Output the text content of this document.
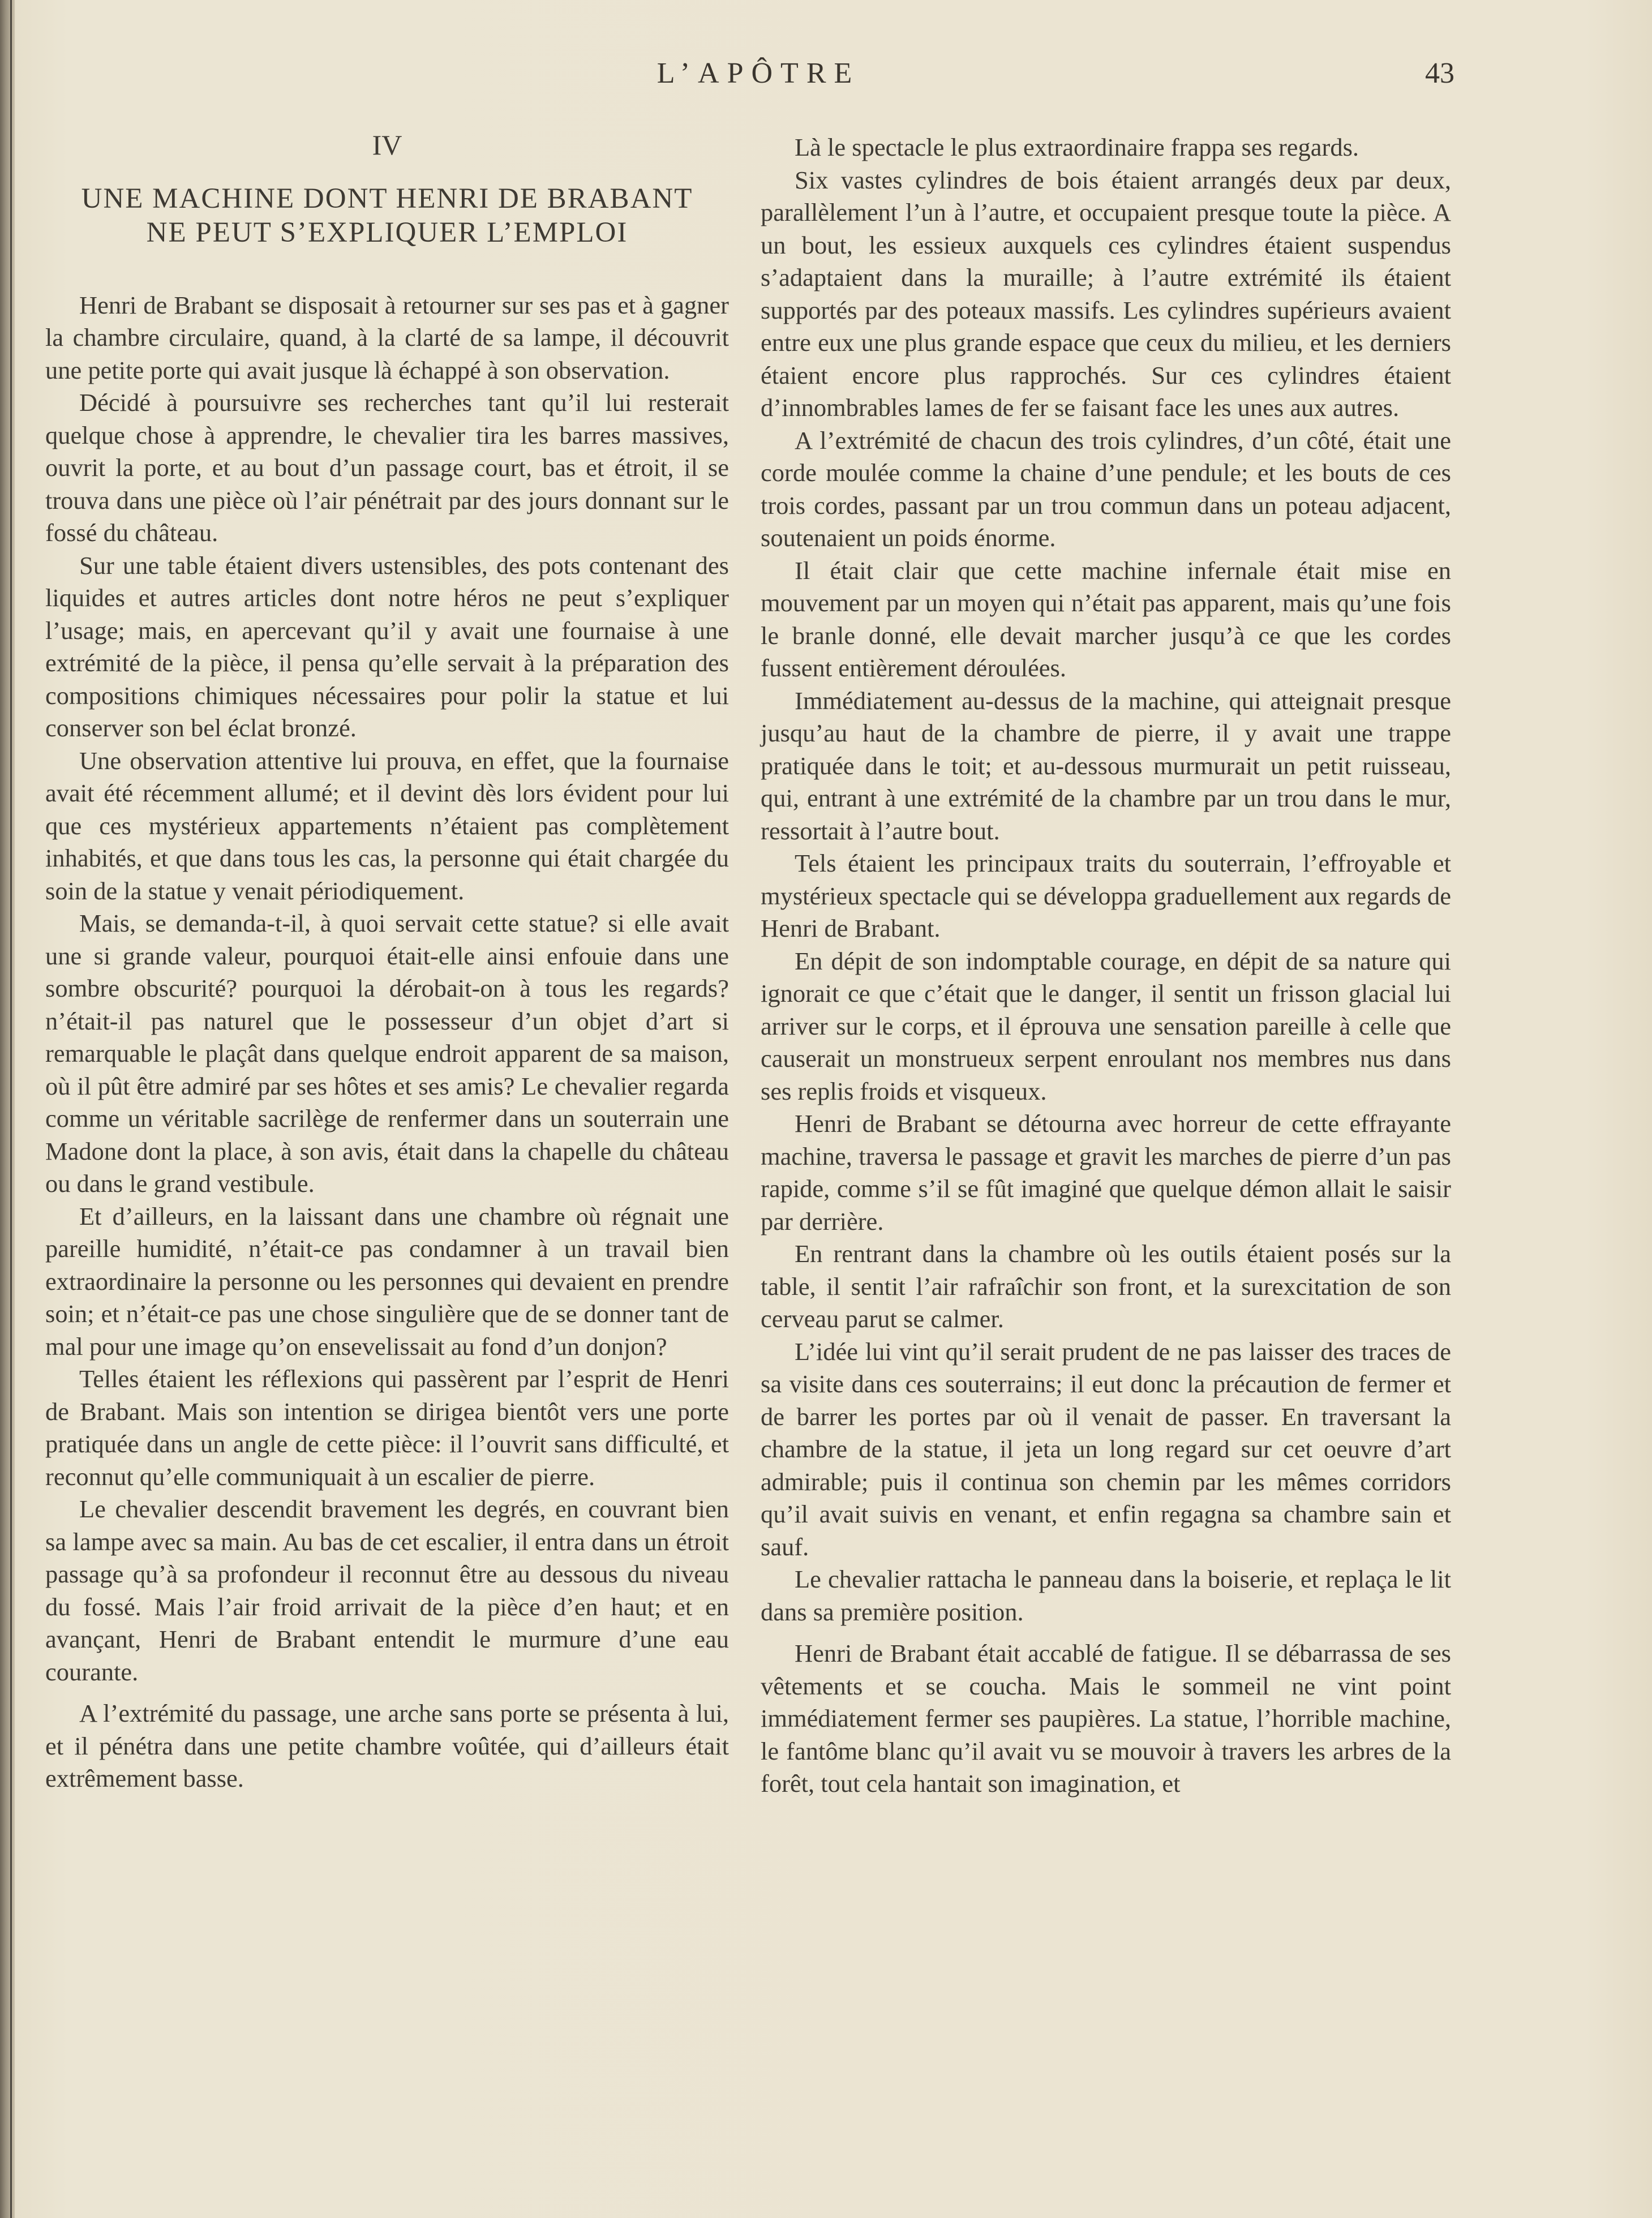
L’APÔTRE	43
IV
UNE MACHINE DONT HENRI DE BRABANT
NE PEUT S’EXPLIQUER L’EMPLOI

Henri de Brabant se disposait à retourner sur ses pas et à gagner la chambre circulaire, quand, à la clarté de sa lampe, il découvrit une petite porte qui avait jusque là échappé à son observation.

Décidé à poursuivre ses recherches tant qu’il lui resterait quelque chose à apprendre, le chevalier tira les barres massives, ouvrit la porte, et au bout d’un passage court, bas et étroit, il se trouva dans une pièce où l’air pénétrait par des jours donnant sur le fossé du château.

Sur une table étaient divers ustensibles, des pots contenant des liquides et autres articles dont notre héros ne peut s’expliquer l’usage; mais, en apercevant qu’il y avait une fournaise à une extrémité de la pièce, il pensa qu’elle servait à la préparation des compositions chimiques nécessaires pour polir la statue et lui conserver son bel éclat bronzé.

Une observation attentive lui prouva, en effet, que la fournaise avait été récemment allumé; et il devint dès lors évident pour lui que ces mystérieux appartements n’étaient pas complètement inhabités, et que dans tous les cas, la personne qui était chargée du soin de la statue y venait périodiquement.

Mais, se demanda-t-il, à quoi servait cette statue? si elle avait une si grande valeur, pourquoi était-elle ainsi enfouie dans une sombre obscurité? pourquoi la dérobait-on à tous les regards? n’était-il pas naturel que le possesseur d’un objet d’art si remarquable le plaçât dans quelque endroit apparent de sa maison, où il pût être admiré par ses hôtes et ses amis? Le chevalier regarda comme un véritable sacrilège de renfermer dans un souterrain une Madone dont la place, à son avis, était dans la chapelle du château ou dans le grand vestibule.

Et d’ailleurs, en la laissant dans une chambre où régnait une pareille humidité, n’était-ce pas condamner à un travail bien extraordinaire la personne ou les personnes qui devaient en prendre soin; et n’était-ce pas une chose singulière que de se donner tant de mal pour une image qu’on ensevelissait au fond d’un donjon?

Telles étaient les réflexions qui passèrent par l’esprit de Henri de Brabant. Mais son intention se dirigea bientôt vers une porte pratiquée dans un angle de cette pièce: il l’ouvrit sans difficulté, et reconnut qu’elle communiquait à un escalier de pierre.

Le chevalier descendit bravement les degrés, en couvrant bien sa lampe avec sa main. Au bas de cet escalier, il entra dans un étroit passage qu’à sa profondeur il reconnut être au dessous du niveau du fossé. Mais l’air froid arrivait de la pièce d’en haut; et en avançant, Henri de Brabant entendit le murmure d’une eau courante.

A l’extrémité du passage, une arche sans porte se présenta à lui, et il pénétra dans une petite chambre voûtée, qui d’ailleurs était extrêmement basse.

Là le spectacle le plus extraordinaire frappa ses regards.

Six vastes cylindres de bois étaient arrangés deux par deux, parallèlement l’un à l’autre, et occupaient presque toute la pièce. A un bout, les essieux auxquels ces cylindres étaient suspendus s’adaptaient dans la muraille; à l’autre extrémité ils étaient supportés par des poteaux massifs. Les cylindres supérieurs avaient entre eux une plus grande espace que ceux du milieu, et les derniers étaient encore plus rapprochés. Sur ces cylindres étaient d’innombrables lames de fer se faisant face les unes aux autres.

A l’extrémité de chacun des trois cylindres, d’un côté, était une corde moulée comme la chaine d’une pendule; et les bouts de ces trois cordes, passant par un trou commun dans un poteau adjacent, soutenaient un poids énorme.

Il était clair que cette machine infernale était mise en mouvement par un moyen qui n’était pas apparent, mais qu’une fois le branle donné, elle devait marcher jusqu’à ce que les cordes fussent entièrement déroulées.

Immédiatement au-dessus de la machine, qui atteignait presque jusqu’au haut de la chambre de pierre, il y avait une trappe pratiquée dans le toit; et au-dessous murmurait un petit ruisseau, qui, entrant à une extrémité de la chambre par un trou dans le mur, ressortait à l’autre bout.

Tels étaient les principaux traits du souterrain, l’effroyable et mystérieux spectacle qui se développa graduellement aux regards de Henri de Brabant.

En dépit de son indomptable courage, en dépit de sa nature qui ignorait ce que c’était que le danger, il sentit un frisson glacial lui arriver sur le corps, et il éprouva une sensation pareille à celle que causerait un monstrueux serpent enroulant nos membres nus dans ses replis froids et visqueux.

Henri de Brabant se détourna avec horreur de cette effrayante machine, traversa le passage et gravit les marches de pierre d’un pas rapide, comme s’il se fût imaginé que quelque démon allait le saisir par derrière.

En rentrant dans la chambre où les outils étaient posés sur la table, il sentit l’air rafraîchir son front, et la surexcitation de son cerveau parut se calmer.

L’idée lui vint qu’il serait prudent de ne pas laisser des traces de sa visite dans ces souterrains; il eut donc la précaution de fermer et de barrer les portes par où il venait de passer. En traversant la chambre de la statue, il jeta un long regard sur cet oeuvre d’art admirable; puis il continua son chemin par les mêmes corridors qu’il avait suivis en venant, et enfin regagna sa chambre sain et sauf.

Le chevalier rattacha le panneau dans la boiserie, et replaça le lit dans sa première position.

Henri de Brabant était accablé de fatigue. Il se débarrassa de ses vêtements et se coucha. Mais le sommeil ne vint point immédiatement fermer ses paupières. La statue, l’horrible machine, le fantôme blanc qu’il avait vu se mouvoir à travers les arbres de la forêt, tout cela hantait son imagination, et
